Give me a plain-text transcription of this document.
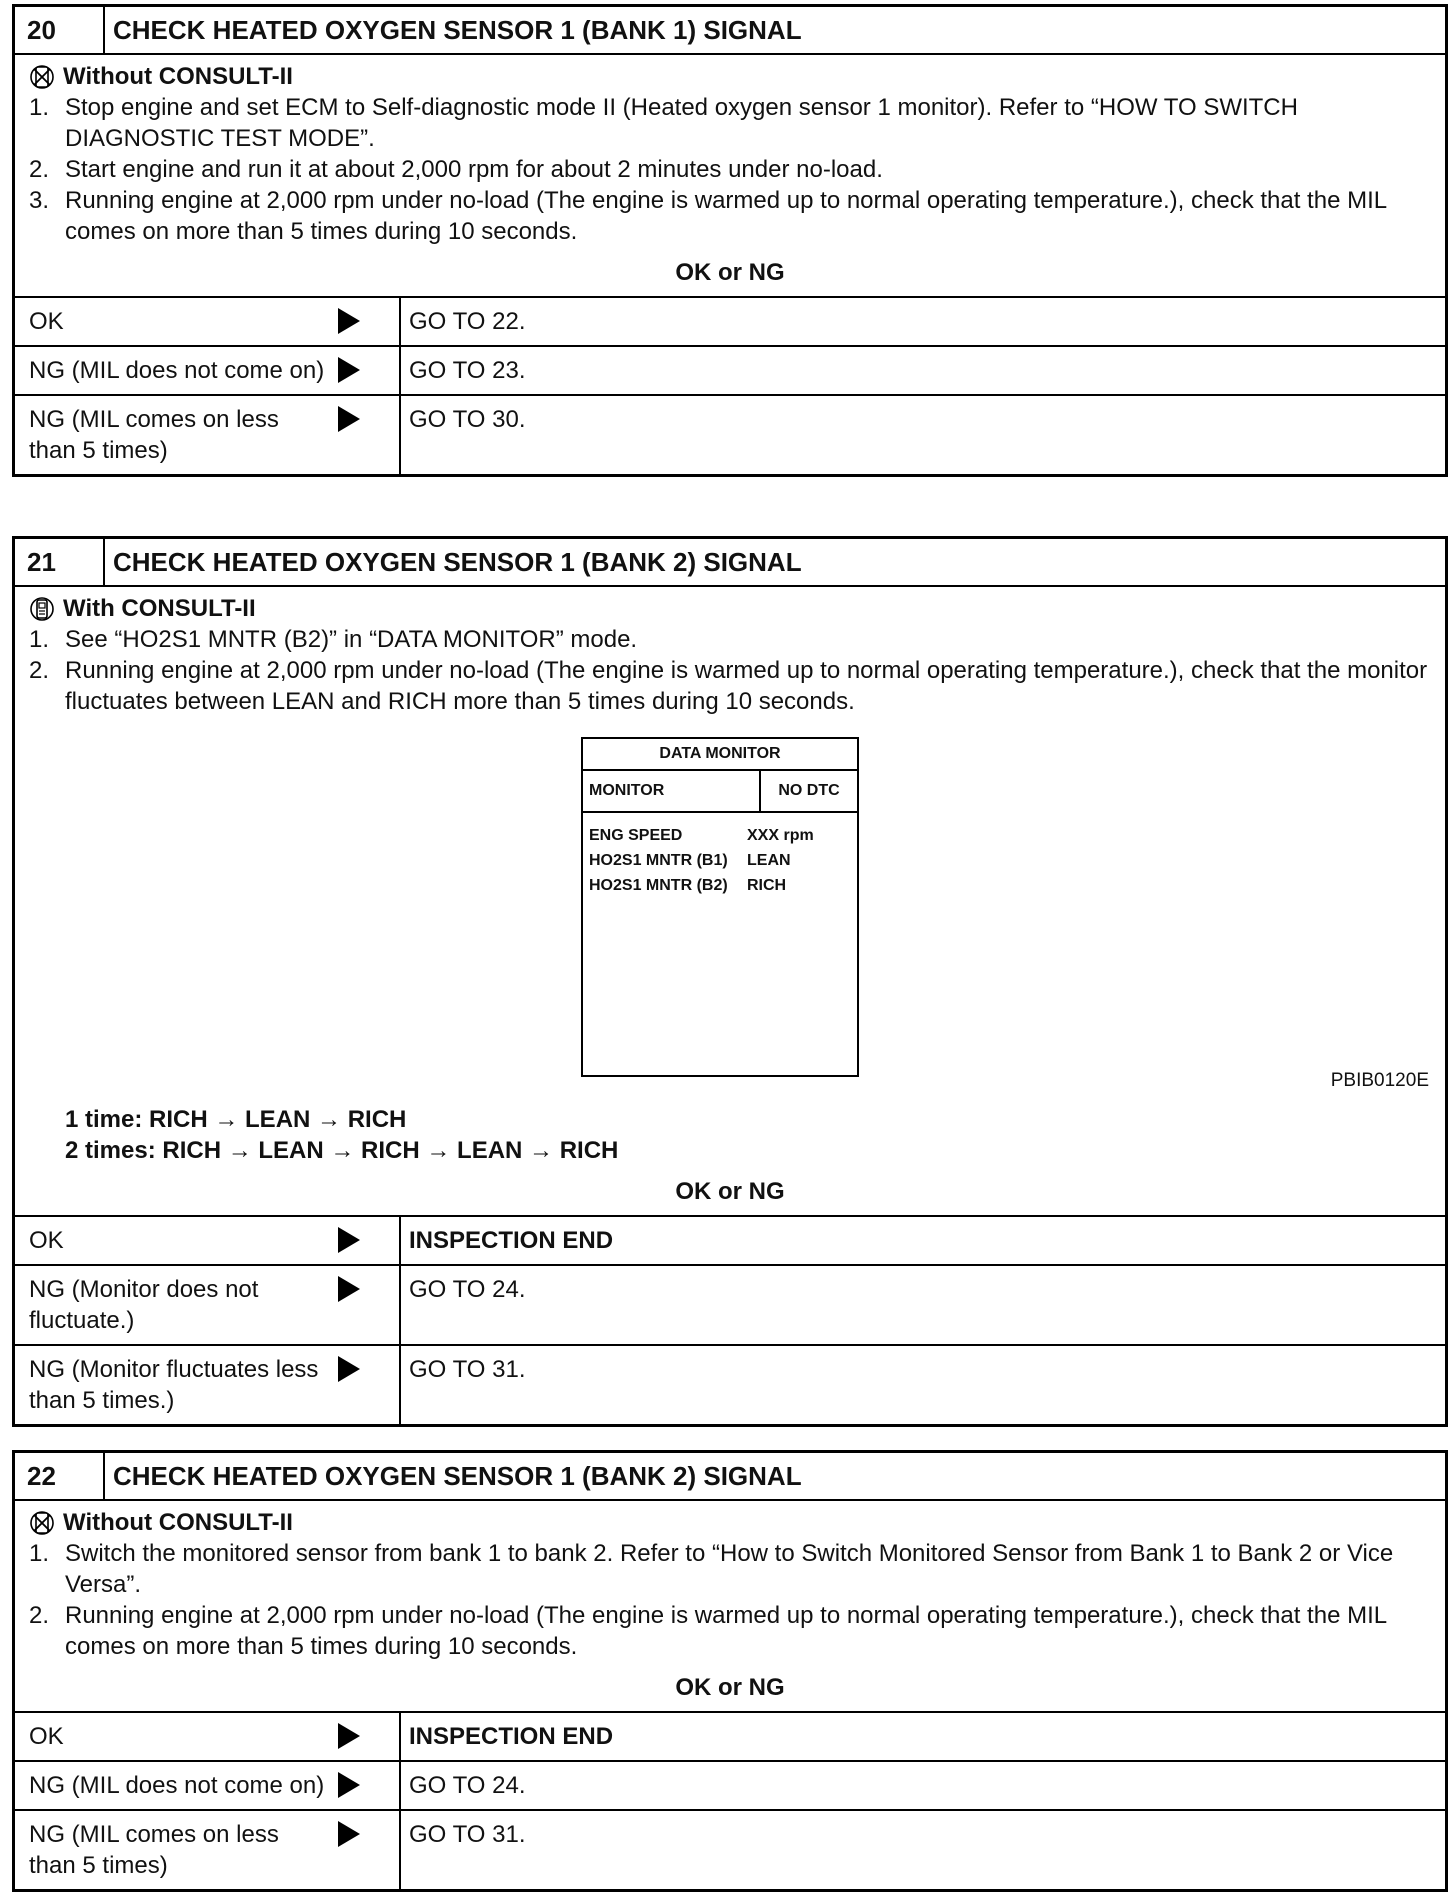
20	CHECK HEATED OXYGEN SENSOR 1 (BANK 1) SIGNAL
Without CONSULT-II
1. Stop engine and set ECM to Self-diagnostic mode II (Heated oxygen sensor 1 monitor). Refer to “HOW TO SWITCH DIAGNOSTIC TEST MODE”.
2. Start engine and run it at about 2,000 rpm for about 2 minutes under no-load.
3. Running engine at 2,000 rpm under no-load (The engine is warmed up to normal operating temperature.), check that the MIL comes on more than 5 times during 10 seconds.
OK or NG
OK		GO TO 22.
NG (MIL does not come on)		GO TO 23.
NG (MIL comes on less than 5 times)		GO TO 30.
21	CHECK HEATED OXYGEN SENSOR 1 (BANK 2) SIGNAL
With CONSULT-II
1. See “HO2S1 MNTR (B2)” in “DATA MONITOR” mode.
2. Running engine at 2,000 rpm under no-load (The engine is warmed up to normal operating temperature.), check that the monitor fluctuates between LEAN and RICH more than 5 times during 10 seconds.
DATA MONITOR
MONITOR	NO DTC
ENG SPEED	XXX rpm
HO2S1 MNTR (B1)	LEAN
HO2S1 MNTR (B2)	RICH
PBIB0120E
1 time: RICH → LEAN → RICH
2 times: RICH → LEAN → RICH → LEAN → RICH
OK or NG
OK		INSPECTION END
NG (Monitor does not fluctuate.)		GO TO 24.
NG (Monitor fluctuates less than 5 times.)		GO TO 31.
22	CHECK HEATED OXYGEN SENSOR 1 (BANK 2) SIGNAL
Without CONSULT-II
1. Switch the monitored sensor from bank 1 to bank 2. Refer to “How to Switch Monitored Sensor from Bank 1 to Bank 2 or Vice Versa”.
2. Running engine at 2,000 rpm under no-load (The engine is warmed up to normal operating temperature.), check that the MIL comes on more than 5 times during 10 seconds.
OK or NG
OK		INSPECTION END
NG (MIL does not come on)		GO TO 24.
NG (MIL comes on less than 5 times)		GO TO 31.
